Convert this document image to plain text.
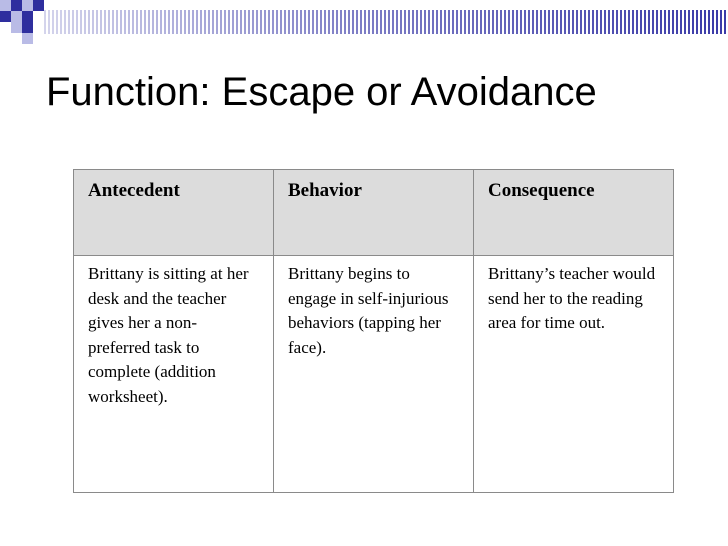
Function: Escape or Avoidance
Antecedent	Behavior	Consequence
Brittany is sitting at her desk and the teacher gives her a non-preferred task to complete (addition worksheet).	Brittany begins to engage in self-injurious behaviors (tapping her face).	Brittany’s teacher would send her to the reading area for time out.
